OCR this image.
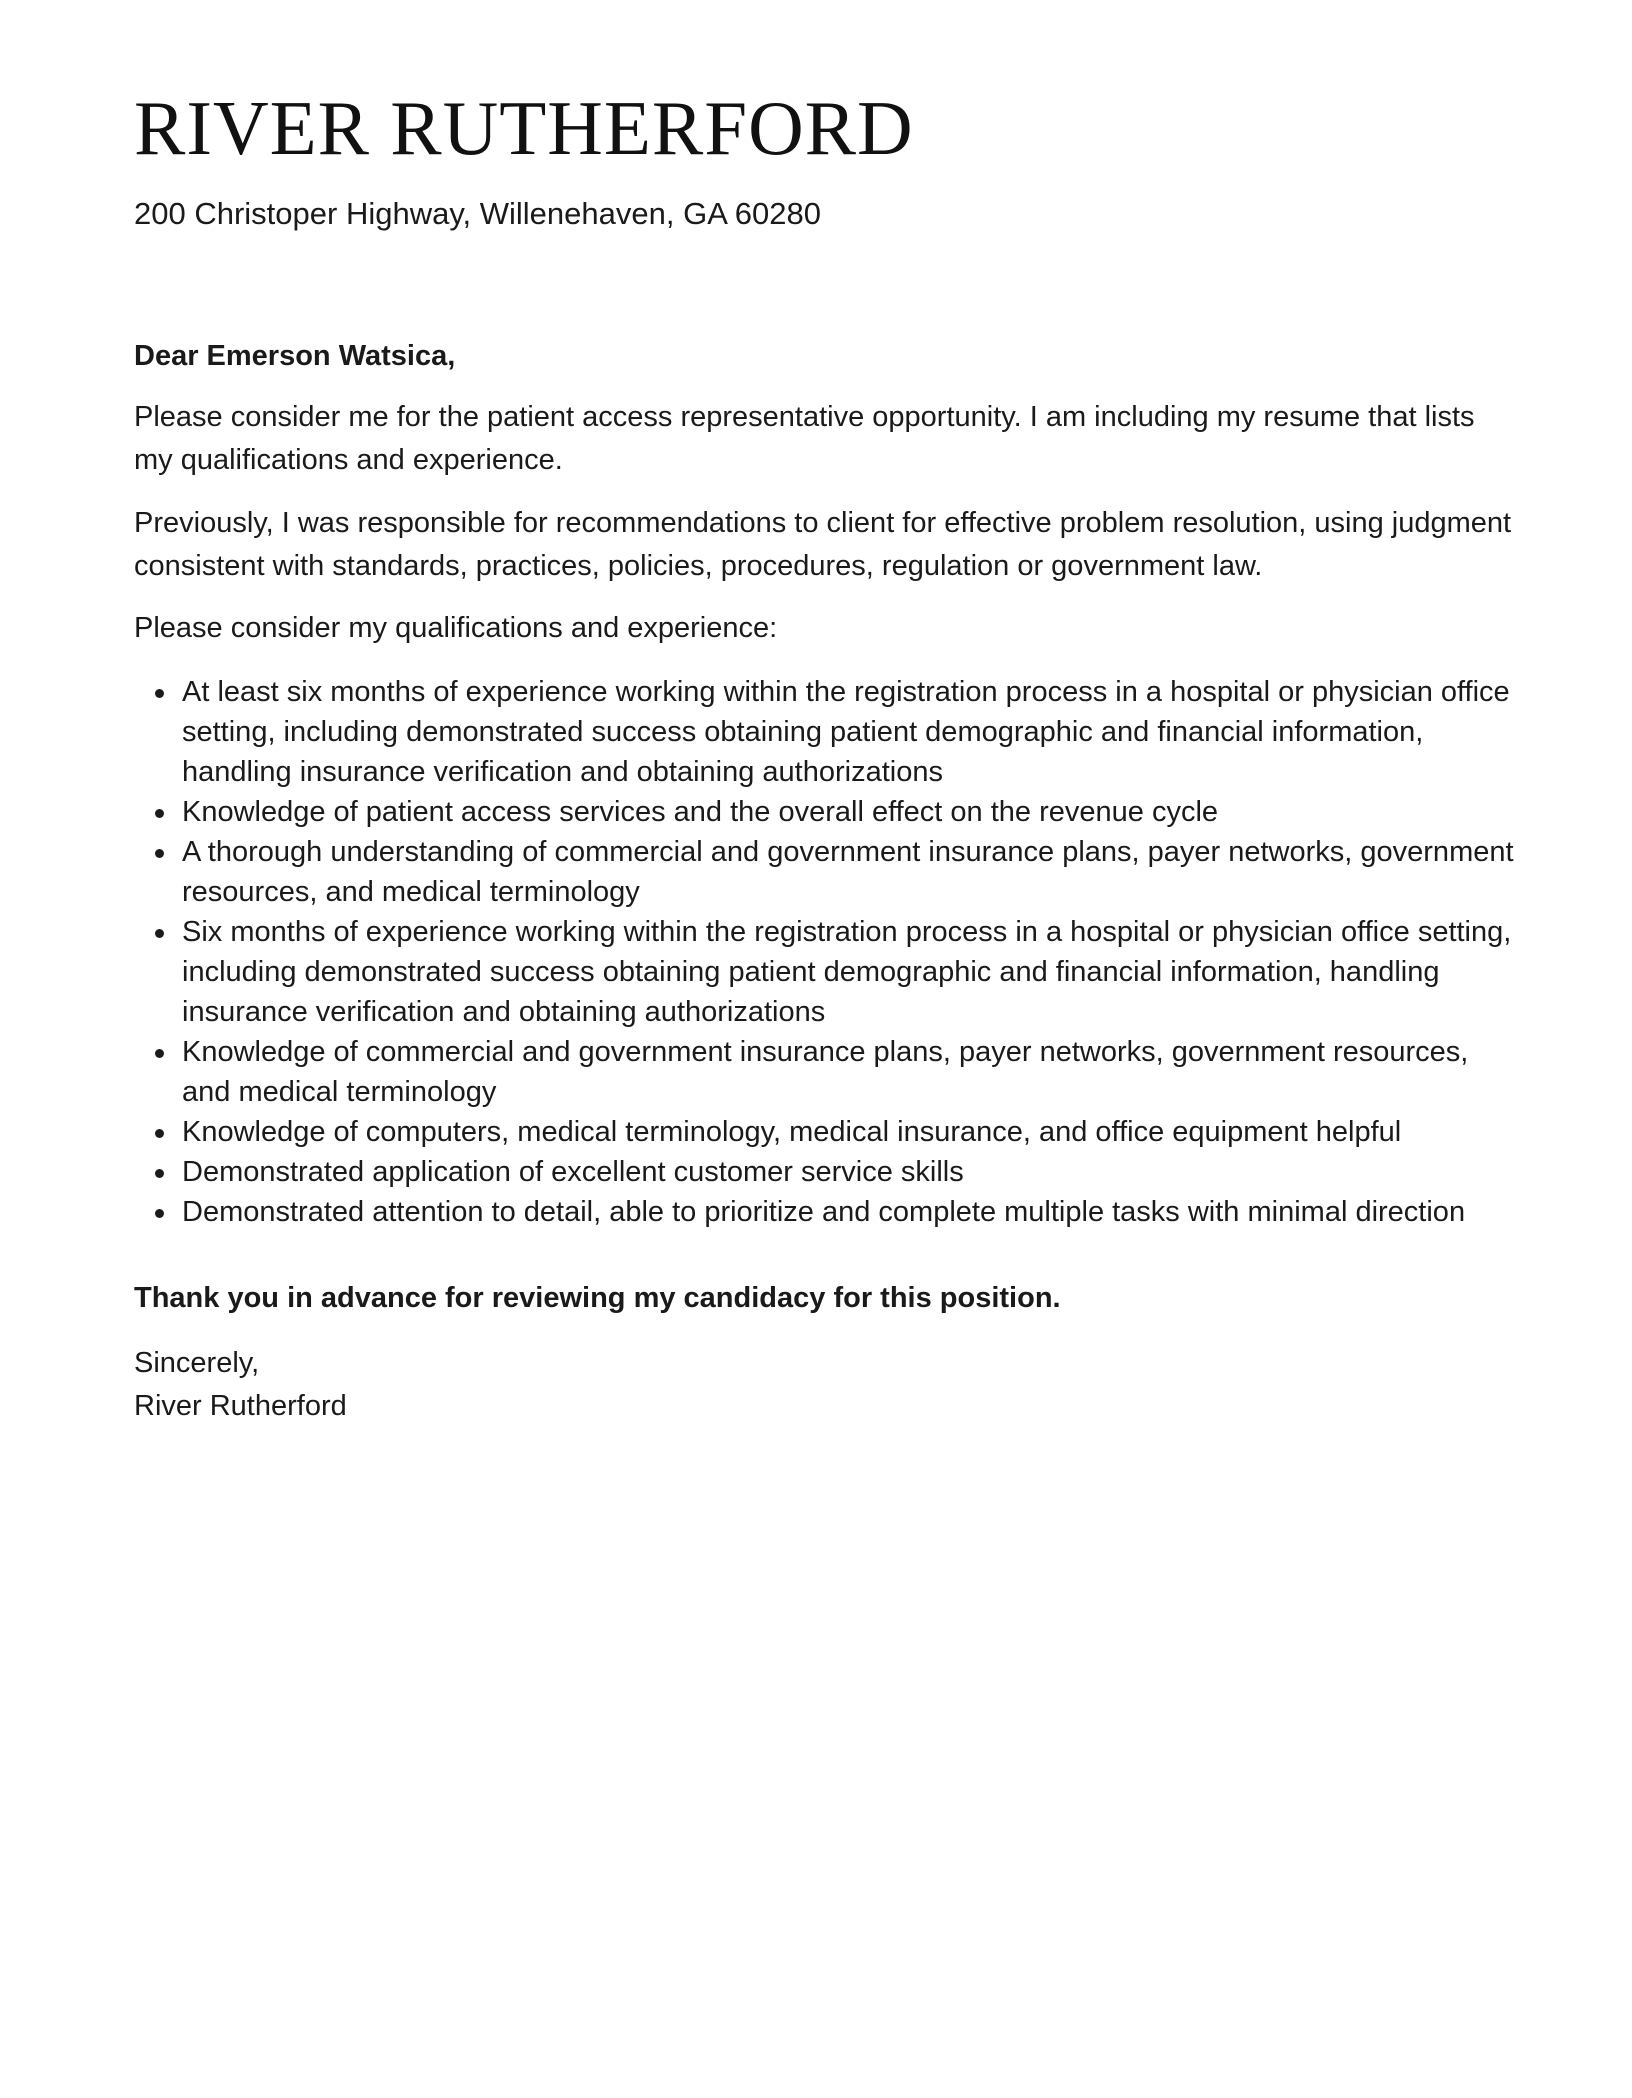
RIVER RUTHERFORD
200 Christoper Highway, Willenehaven, GA 60280
Dear Emerson Watsica,
Please consider me for the patient access representative opportunity. I am including my resume that lists my qualifications and experience.
Previously, I was responsible for recommendations to client for effective problem resolution, using judgment consistent with standards, practices, policies, procedures, regulation or government law.
Please consider my qualifications and experience:
At least six months of experience working within the registration process in a hospital or physician office setting, including demonstrated success obtaining patient demographic and financial information, handling insurance verification and obtaining authorizations
Knowledge of patient access services and the overall effect on the revenue cycle
A thorough understanding of commercial and government insurance plans, payer networks, government resources, and medical terminology
Six months of experience working within the registration process in a hospital or physician office setting, including demonstrated success obtaining patient demographic and financial information, handling insurance verification and obtaining authorizations
Knowledge of commercial and government insurance plans, payer networks, government resources, and medical terminology
Knowledge of computers, medical terminology, medical insurance, and office equipment helpful
Demonstrated application of excellent customer service skills
Demonstrated attention to detail, able to prioritize and complete multiple tasks with minimal direction
Thank you in advance for reviewing my candidacy for this position.
Sincerely,
River Rutherford
